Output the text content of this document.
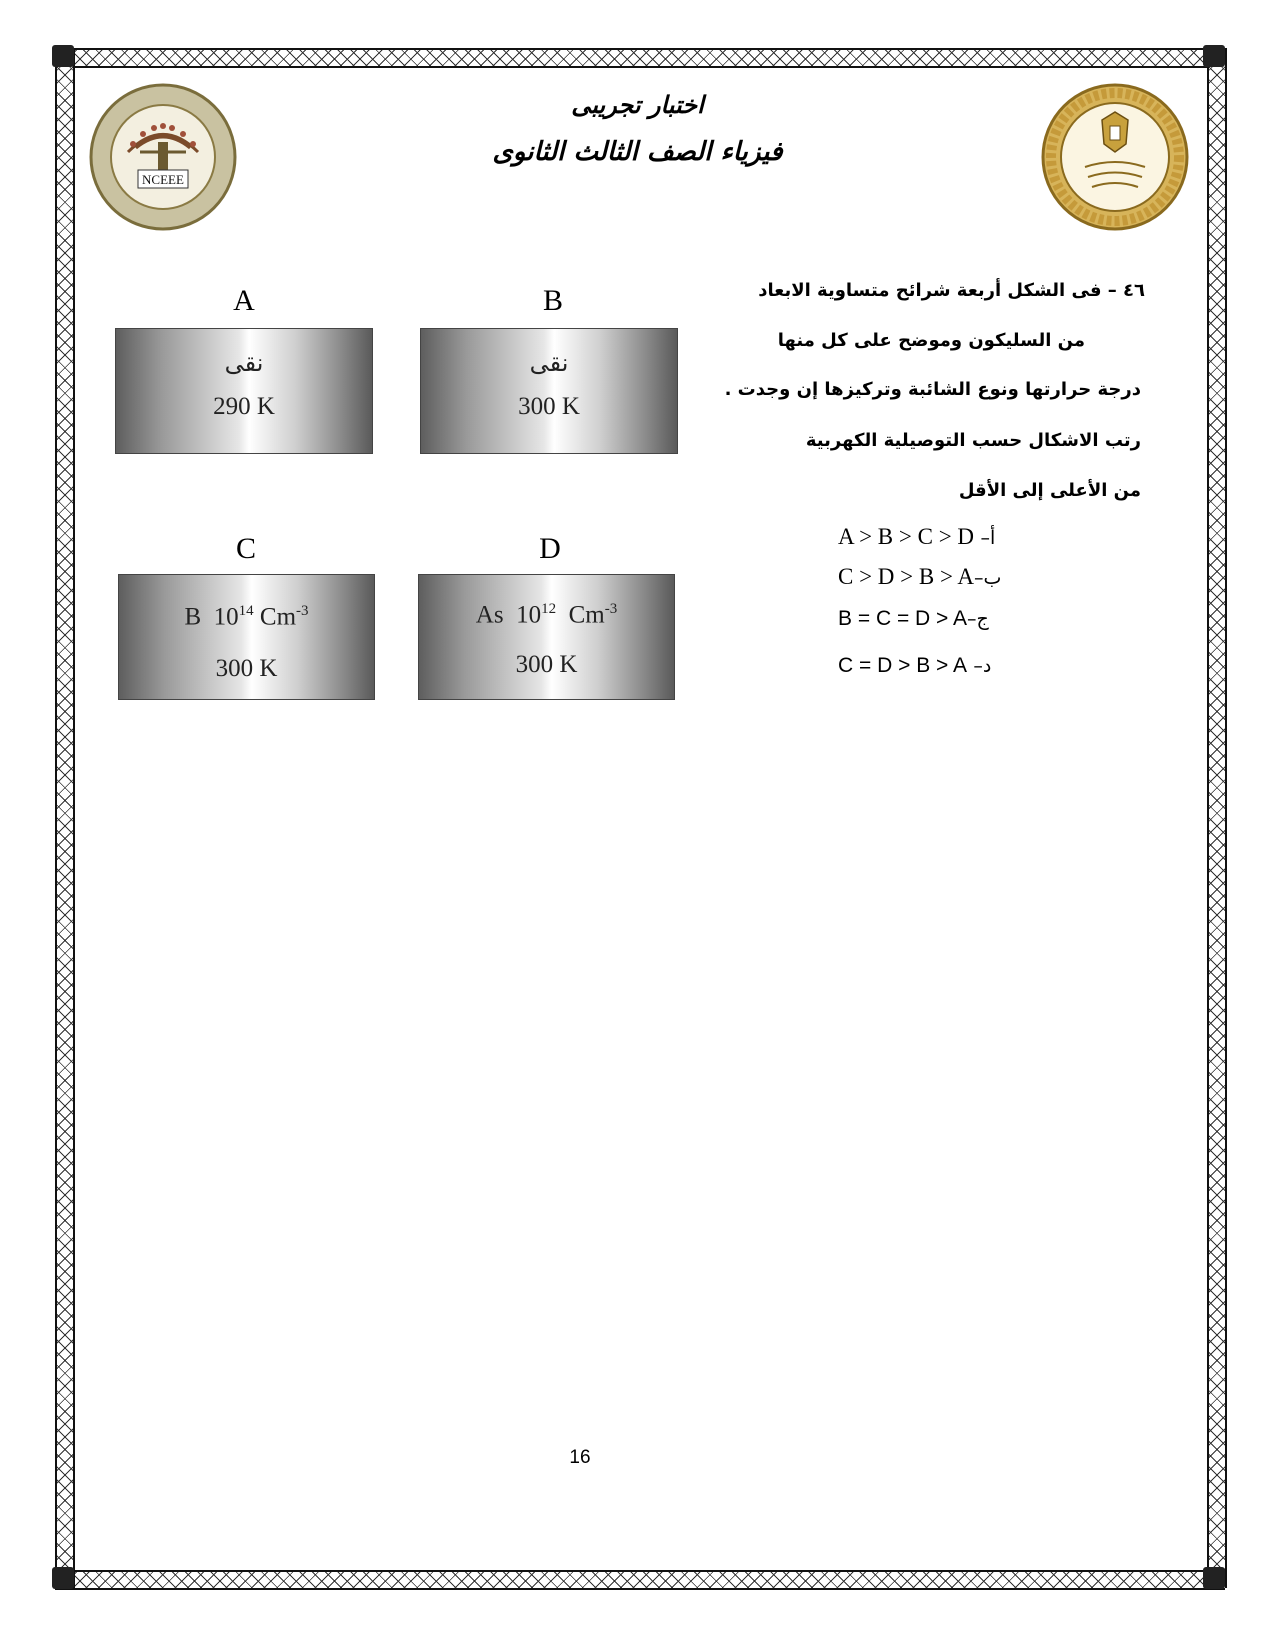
NCEEE
اختبار تجريبى
فيزياء الصف الثالث الثانوى
٤٦ – فى الشكل أربعة شرائح متساوية الابعاد
من السليكون وموضح على كل منها
درجة حرارتها ونوع الشائبة وتركيزها إن وجدت .
رتب الاشكال حسب التوصيلية الكهربية
من الأعلى إلى الأقل
A > B > C > D أ–
C > D > B > Aب–
B = C = D > Aج–
C = D > B > A د–
A
نقى
290 K
B
نقى
300 K
C
B $10^{14}$ $Cm^{-3}$
300 K
D
As $10^{12}$ $Cm^{-3}$
300 K
16
